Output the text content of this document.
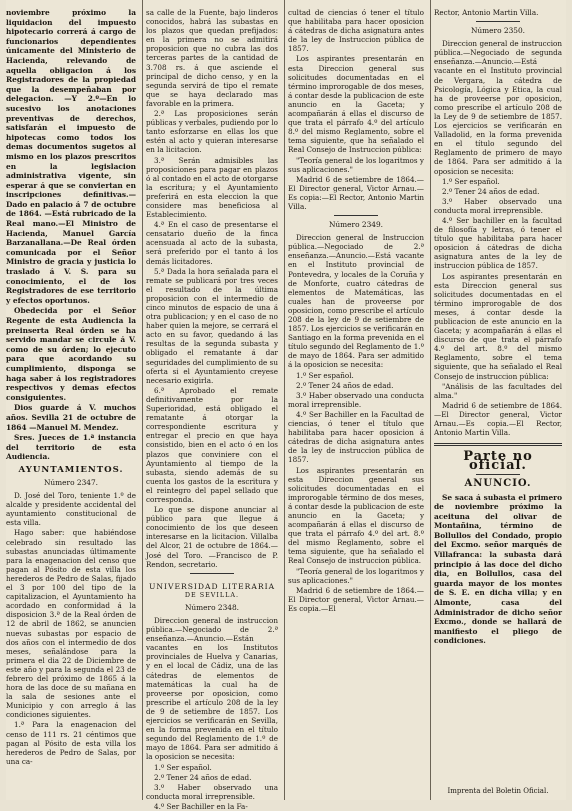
noviembre próximo la liquidacion del impuesto hipotecario correrá á cargo de funcionarios dependientes únicamente del Ministerio de Hacienda, relevando de aquella obligacion á los Registradores de la propiedad que la desempeñaban por delegacion. —Y 2.º—En lo sucesivo los anotaciones preventivas de derechos, satisfarán el impuesto de hipotecas como todos los demas documentos sugetos al mismo en los plazos prescritos en la legislacion administrativa vigente, sin esperar á que se conviertan en inscripciones definitivas.—Dado en palacio á 7 de octubre de 1864. —Está rubricado de la Real mano.—El Ministro de Hacienda, Manuel García Barzanallana.—De Real órden comunicada por el Señor Ministro de gracia y justicia lo traslado á V. S. para su conocimiento, el de los Registradores de ese territorio y efectos oportunos.

Obedecida por el Señor Regente de esta Audiencia la preinserta Real órden se ha servido mandar se circule á V. como de su órden; lo ejecuto para que acordando su cumplimiento, disponga se haga saber á los registradores respectivos y demas efectos consiguientes.

Dios guarde á V. muchos años. Sevilla 21 de octubre de 1864 —Manuel M. Mendez.

Sres. Jueces de 1.ª instancia del territorio de esta Audiencia.

AYUNTAMIENTOS.
Número 2347.

D. José del Toro, teniente 1.º de alcalde y presidente accidental del ayuntamiento constitucional de esta villa.

Hago saber: que habiéndose celebrado sin resultado las subastas anunciadas últimamente para la enagenacion del censo que pagan al Pósito de esta villa los herederos de Pedro de Salas, fijado el 3 por 100 del tipo de la capitalizacion, el Ayuntamiento ha acordado en conformidad á la disposicion 3.ª de la Real órden de 12 de abril de 1862, se anuncien nuevas subastas por espacio de dos años con el intermedio de dos meses, señalándose para la primera el dia 22 de Diciembre de este año y para la segunda el 23 de febrero del próximo de 1865 á la hora de las doce de su mañana en la sala de sesiones ante el Municipio y con arreglo á las condiciones siguientes.

1.ª Para la enagenacion del censo de 111 rs. 21 céntimos que pagan al Pósito de esta villa los herederos de Pedro de Salas, por una ca-

sa calle de la Fuente, bajo linderos conocidos, habrá las subastas en los plazos que quedan prefijados: en la primera no se admitirá proposicion que no cubra las dos terceras partes de la cantidad de 3.708 rs. á que asciende el principal de dicho censo, y en la segunda servirá de tipo el remate que se haya declarado mas favorable en la primera.

2.ª Las proposiciones serán públicas y verbales, pudiendo por lo tanto esforzarse en ellas los que estén al acto y quieran interesarse en la licitacion.

3.ª Serán admisibles las proposiciones para pagar en plazos ó al contado en el acto de otorgarse la escritura; y el Ayuntamiento preferirá en esta eleccion la que considere mas beneficiosa al Establecimiento.

4.ª En el caso de presentarse el censatario dueño de la finca acensuada al acto de la subasta, será preferido por el tanto á los demás licitadores.

5.ª Dada la hora señalada para el remate se publicará por tres veces el resultado de la última proposicion con el intermedio de cinco minutos de espacio de una á otra publicacion; y en el caso de no haber quien la mejore, se cerrará el acto en su favor, quedando á las resultas de la segunda subasta y obligado el rematante á dar seguridades del cumplimiento de su oferta si el Ayuntamiento creyese necesario exigirla.

6.ª Aprobado el remate definitivamente por la Superioridad, está obligado el rematante á otorgar la correspondiente escritura y entregar el precio en que haya consistido, bien en el acto ó en los plazos que conviniere con el Ayuntamiento al tiempo de la subasta, siendo además de su cuenta los gastos de la escritura y el reintegro del papel sellado que corresponda.

Lo que se dispone anunciar al público para que llegue á conocimiento de los que deseen interesarse en la licitacion. Villalba del Alcor, 21 de octubre de 1864.—José del Toro. —Francisco de P. Rendon, secretario.

UNIVERSIDAD LITERARIA
DE SEVILLA.
Número 2348.

Direccion general de instruccion pública.—Negociado de 2.ª enseñanza.—Anuncio.—Están vacantes en los Institutos provinciales de Huelva y Canarias, y en el local de Cádiz, una de las cátedras de elementos de matemáticas la cual ha de proveerse por oposicion, como prescribe el artículo 208 de la ley de 9 de setiembre de 1857. Los ejercicios se verificarán en Sevilla, en la forma prevenida en el título segundo del Reglamento de 1.º de mayo de 1864. Para ser admitido á la oposicion se necesita:

1.º Ser español.

2.º Tener 24 años de edad.

3.º Haber observado una conducta moral irreprensible.

4.º Ser Bachiller en la Fa-

cultad de ciencias ó tener el título que habilitaba para hacer oposicion á cátedras de dicha asignatura antes de la ley de Instruccion pública de 1857.

Los aspirantes presentarán en esta Direccion general sus solicitudes documentadas en el término improrogable de dos meses, á contar desde la publicacion de este anuncio en la Gaceta; y acompañarán á ellas el discurso de que trata el párrafo 4.º del artículo 8.º del mismo Reglamento, sobre el tema siguiente, que ha señalado el Real Consejo de Instruccion pública:

"Teoría general de los logaritmos y sus aplicaciones."

Madrid 6 de setiembre de 1864.—El Director general, Victor Arnau.—Es copia:—El Rector, Antonio Martin Villa.

Número 2349.

Direccion general de Instruccion pública.—Negociado de 2.ª enseñanza.—Anuncio.—Está vacante en el Instituto provincial de Pontevedra, y locales de la Coruña y de Monforte, cuatro cátedras de elementos de Matemáticas, las cuales han de proveerse por oposicion, como prescribe el artículo 208 de la ley de 9 de setiembre de 1857. Los ejercicios se verificarán en Santiago en la forma prevenida en el título segundo del Reglamento de 1.º de mayo de 1864. Para ser admitido á la oposicion se necesita:

1.º Ser español.

2.º Tener 24 años de edad.

3.º Haber observado una conducta moral irreprensible.

4.º Ser Bachiller en la Facultad de ciencias, ó tener el título que habilitaba para hacer oposicion á cátedras de dicha asignatura antes de la ley de instruccion pública de 1857.

Los aspirantes presentarán en esta Direccion general sus solicitudes documentadas en el improrogable término de dos meses, á contar desde la publicacion de este anuncio en la Gaceta; y acompañarán á ellas el discurso de que trata el párrafo 4.º del art. 8.º del mismo Reglamento, sobre el tema siguiente, que ha señalado el Real Consejo de instruccion pública.

"Teoría general de los logaritmos y sus aplicaciones."

Madrid 6 de setiembre de 1864.—El Director general, Victor Arnau.—Es copia.—El

Rector, Antonio Martin Villa.

Número 2350.

Direccion general de instruccion pública.—Negociado de segunda enseñanza.—Anuncio.—Está vacante en el Instituto provincial de Vergara, la cátedra de Psicología, Lógica y Etica, la cual ha de proveerse por oposicion, como prescribe el artículo 208 de la Ley de 9 de setiembre de 1857. Los ejercicios se verificarán en Valladolid, en la forma prevenida en el título segundo del Reglamento de primero de mayo de 1864. Para ser admitido á la oposicion se necesita:

1.º Ser español.

2.º Tener 24 años de edad.

3.º Haber observado una conducta moral irreprensible.

4.º Ser bachiller en la facultad de filosofía y letras, ó tener el título que habilitaba para hacer oposicion á cátedras de dicha asignatura antes de la ley de instruccion pública de 1857.

Los aspirantes presentarán en esta Direccion general sus solicitudes documentadas en el término improrogable de dos meses, á contar desde la publicacion de este anuncio en la Gaceta; y acompañarán á ellas el discurso de que trata el párrafo 4.º del art. 8.º del mismo Reglamento, sobre el tema siguiente, que ha señalado el Real Consejo de instruccion pública:

"Análisis de las facultades del alma."

Madrid 6 de setiembre de 1864.—El Director general, Victor Arnau.—Es copia.—El Rector, Antonio Martin Villa.

Parte no oficial.
ANUNCIO.

Se saca á subasta el primero de noviembre próximo la aceituna del olivar de Montañina, término de Bollullos del Condado, propio del Excmo. señor marqués de Villafranca: la subasta dará principio á las doce del dicho dia, en Bollullos, casa del guarda mayor de los montes de S. E. en dicha villa; y en Almonte, casa del Administrador de dicho señor Excmo., donde se hallará de manifiesto el pliego de condiciones.

Imprenta del Boletin Oficial.
